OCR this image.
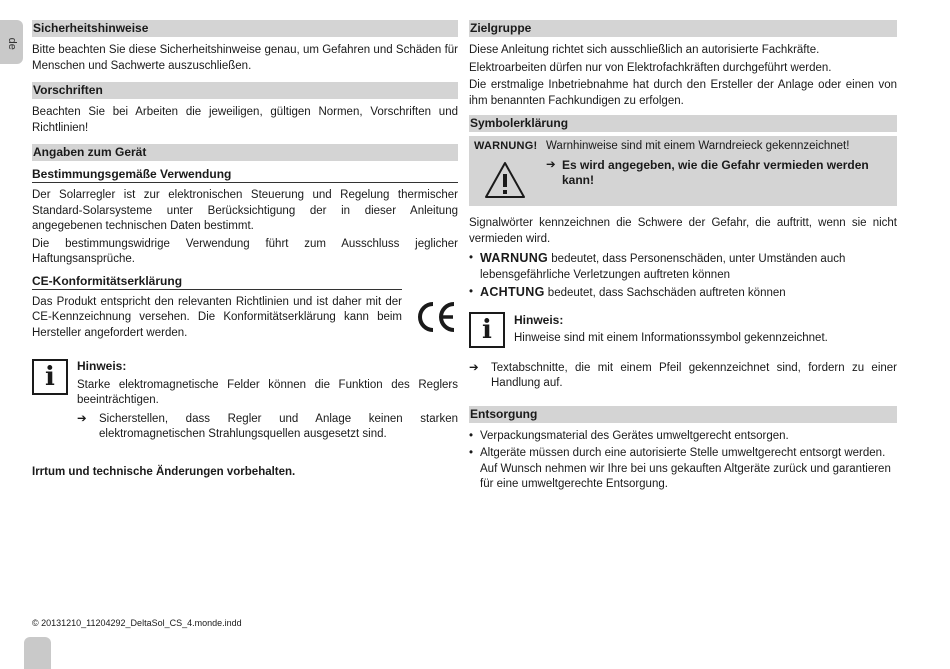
de
Sicherheitshinweise

Bitte beachten Sie diese Sicherheitshinweise genau, um Gefahren und Schäden für Menschen und Sachwerte auszuschließen.

Vorschriften

Beachten Sie bei Arbeiten die jeweiligen, gültigen Normen, Vorschriften und Richtlinien!

Angaben zum Gerät
Bestimmungsgemäße Verwendung

Der Solarregler ist zur elektronischen Steuerung und Regelung thermischer Standard-Solarsysteme unter Berücksichtigung der in dieser Anleitung angegebenen technischen Daten bestimmt.

Die bestimmungswidrige Verwendung führt zum Ausschluss jeglicher Haftungsansprüche.

CE-Konformitätserklärung

Das Produkt entspricht den relevanten Richtlinien und ist daher mit der CE-Kennzeichnung versehen. Die Konformitätserklärung kann beim Hersteller angefordert werden.

i Hinweis:

Starke elektromagnetische Felder können die Funktion des Reglers beeinträchtigen.

➔	Sicherstellen, dass Regler und Anlage keinen starken elektromagnetischen Strahlungsquellen ausgesetzt sind.

Irrtum und technische Änderungen vorbehalten.

Zielgruppe

Diese Anleitung richtet sich ausschließlich an autorisierte Fachkräfte.

Elektroarbeiten dürfen nur von Elektrofachkräften durchgeführt werden.

Die erstmalige Inbetriebnahme hat durch den Ersteller der Anlage oder einen von ihm benannten Fachkundigen zu erfolgen.

Symbolerklärung
WARNUNG! Warnhinweise sind mit einem Warndreieck gekennzeichnet!

➔ Es wird angegeben, wie die Gefahr vermieden werden kann!

Signalwörter kennzeichnen die Schwere der Gefahr, die auftritt, wenn sie nicht vermieden wird.

• WARNUNG bedeutet, dass Personenschäden, unter Umständen auch lebensgefährliche Verletzungen auftreten können
• ACHTUNG bedeutet, dass Sachschäden auftreten können
i Hinweis:

Hinweise sind mit einem Informationssymbol gekennzeichnet.

➔	Textabschnitte, die mit einem Pfeil gekennzeichnet sind, fordern zu einer Handlung auf.

Entsorgung
• Verpackungsmaterial des Gerätes umweltgerecht entsorgen.
• Altgeräte müssen durch eine autorisierte Stelle umweltgerecht entsorgt werden. Auf Wunsch nehmen wir Ihre bei uns gekauften Altgeräte zurück und garantieren für eine umweltgerechte Entsorgung.
© 20131210_11204292_DeltaSol_CS_4.monde.indd
